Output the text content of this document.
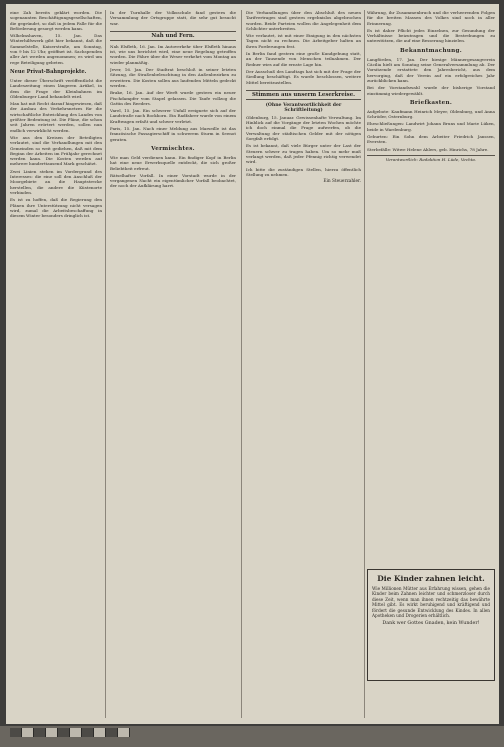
eine Zah bereits geklärt worden. Die sogenannten Beschäftigungsgesellschaften, die gegründet, so daß in jedem Falle für die Beförderung gesorgt werden kann.

Wilhelmshaven, 15. Jan. Das Winterhilfswerk gibt hier bekannt, daß die Sammelstelle, Kaiserstraße, am Sonntag, von 9 bis 12 Uhr, geöffnet ist. Sachspenden aller Art werden angenommen; es wird um rege Beteiligung gebeten.

Neue Privat-Bahnprojekte.

Unter dieser Überschrift veröffentlicht die Landeszeitung einen längeren Artikel, in dem die Frage der Kleinbahnen im Oldenburger Land behandelt wird.

Man hat mit Recht darauf hingewiesen, daß der Ausbau des Verkehrsnetzes für die wirtschaftliche Entwicklung des Landes von größter Bedeutung ist. Die Pläne, die schon seit Jahren erörtert werden, sollen nun endlich verwirklicht werden.

Wie aus den Kreisen der Beteiligten verlautet, sind die Verhandlungen mit den Gemeinden so weit gediehen, daß mit dem Beginn der Arbeiten im Frühjahr gerechnet werden kann. Die Kosten werden auf mehrere hunderttausend Mark geschätzt.

Zwei Linien stehen im Vordergrund des Interesses: die eine soll den Anschluß der Moorgebiete an die Hauptstrecke herstellen, die andere die Küstenorte verbinden.

Es ist zu hoffen, daß die Regierung den Plänen ihre Unterstützung nicht versagen wird, zumal die Arbeitsbeschaffung in diesem Winter besonders dringlich ist.

In der Turnhalle der Volksschule fand gestern die Versammlung der Ortsgruppe statt, die sehr gut besucht war.

Nah und Fern.

Nah Elsfleth, 16. Jan. Im Autoverkehr über Elsfleth hinaus ist, wie uns berichtet wird, eine neue Regelung getroffen worden. Die Fähre über die Weser verkehrt vom Montag an wieder planmäßig.

Jever, 16. Jan. Der Stadtrat beschloß in seiner letzten Sitzung, die Straßenbeleuchtung in den Außenbezirken zu erweitern. Die Kosten sollen aus laufenden Mitteln gedeckt werden.

Brake, 16. Jan. Auf der Werft wurde gestern ein neuer Fischdampfer vom Stapel gelassen. Die Taufe vollzog die Gattin des Reeders.

Varel, 15. Jan. Ein schwerer Unfall ereignete sich auf der Landstraße nach Bockhorn. Ein Radfahrer wurde von einem Kraftwagen erfaßt und schwer verletzt.

Paris, 15. Jan. Nach einer Meldung aus Marseille ist das französische Passagierschiff in schwerem Sturm in Seenot geraten.

Vermischtes.

Wie man Geld verdienen kann. Ein findiger Kopf in Berlin hat eine neue Erwerbsquelle entdeckt, die sich großer Beliebtheit erfreut.

Rätselhafter Vorfall. In einer Vorstadt wurde in der vergangenen Nacht ein eigentümlicher Vorfall beobachtet, der noch der Aufklärung harrt.

Die Verhandlungen über den Abschluß des neuen Tarifvertrages sind gestern ergebnislos abgebrochen worden. Beide Parteien wollen die Angelegenheit dem Schlichter unterbreiten.

Wie verlautet, ist mit einer Einigung in den nächsten Tagen nicht zu rechnen. Die Arbeitgeber halten an ihren Forderungen fest.

In Berlin fand gestern eine große Kundgebung statt, an der Tausende von Menschen teilnahmen. Der Redner wies auf die ernste Lage hin.

Der Ausschuß des Landtags hat sich mit der Frage der Siedlung beschäftigt. Es wurde beschlossen, weitere Mittel bereitzustellen.

Stimmen aus unserm Leserkreise.
(Ohne Verantwortlichkeit der Schriftleitung)

Oldenburg, 15. Januar. Gewissenhafte Verwaltung. Im Hinblick auf die Vorgänge der letzten Wochen möchte ich doch einmal die Frage aufwerfen, ob die Verwaltung der städtischen Gelder mit der nötigen Sorgfalt erfolgt.

Es ist bekannt, daß viele Bürger unter der Last der Steuern schwer zu tragen haben. Um so mehr muß verlangt werden, daß jeder Pfennig richtig verwendet wird.

Ich bitte die zuständigen Stellen, hierzu öffentlich Stellung zu nehmen.

Ein Steuerzahler.

Währung, ihr Zusammenbruch und die verheerenden Folgen für die breiten Massen des Volkes sind noch in aller Erinnerung.

Es ist daher Pflicht jedes Einzelnen, zur Gesundung der Verhältnisse beizutragen und die Bestrebungen zu unterstützen, die auf eine Besserung hinzielen.

Bekanntmachung.

Langförden, 17. Jan. Der hiesige Männergesangverein Cäcilia hielt am Sonntag seine Generalversammlung ab. Der Vorsitzende erstattete den Jahresbericht, aus dem hervorging, daß der Verein auf ein erfolgreiches Jahr zurückblicken kann.

Bei der Vorstandswahl wurde der bisherige Vorstand einstimmig wiedergewählt.

Briefkasten.

Aufgebote: Kaufmann Heinrich Meyer, Oldenburg, und Anna Schröder, Osternburg.

Eheschließungen: Landwirt Johann Bruns und Marie Lüken, beide in Wardenburg.

Geburten: Ein Sohn dem Arbeiter Friedrich Janssen, Eversten.

Sterbefälle: Witwe Helene Ahlers, geb. Hinrichs, 78 Jahre.

Verantwortlich: Redaktion H. Lüde, Vechta.
Die Kinder zahnen leicht.

Wie Millionen Mütter aus Erfahrung wissen, gehen die Kinder beim Zahnen leichter und schmerzloser durch diese Zeit, wenn man ihnen rechtzeitig das bewährte Mittel gibt. Es wirkt beruhigend und kräftigend und fördert die gesunde Entwicklung des Kindes. In allen Apotheken und Drogerien erhältlich.

Dank wer Gottes Gnaden, kein Wunder!
